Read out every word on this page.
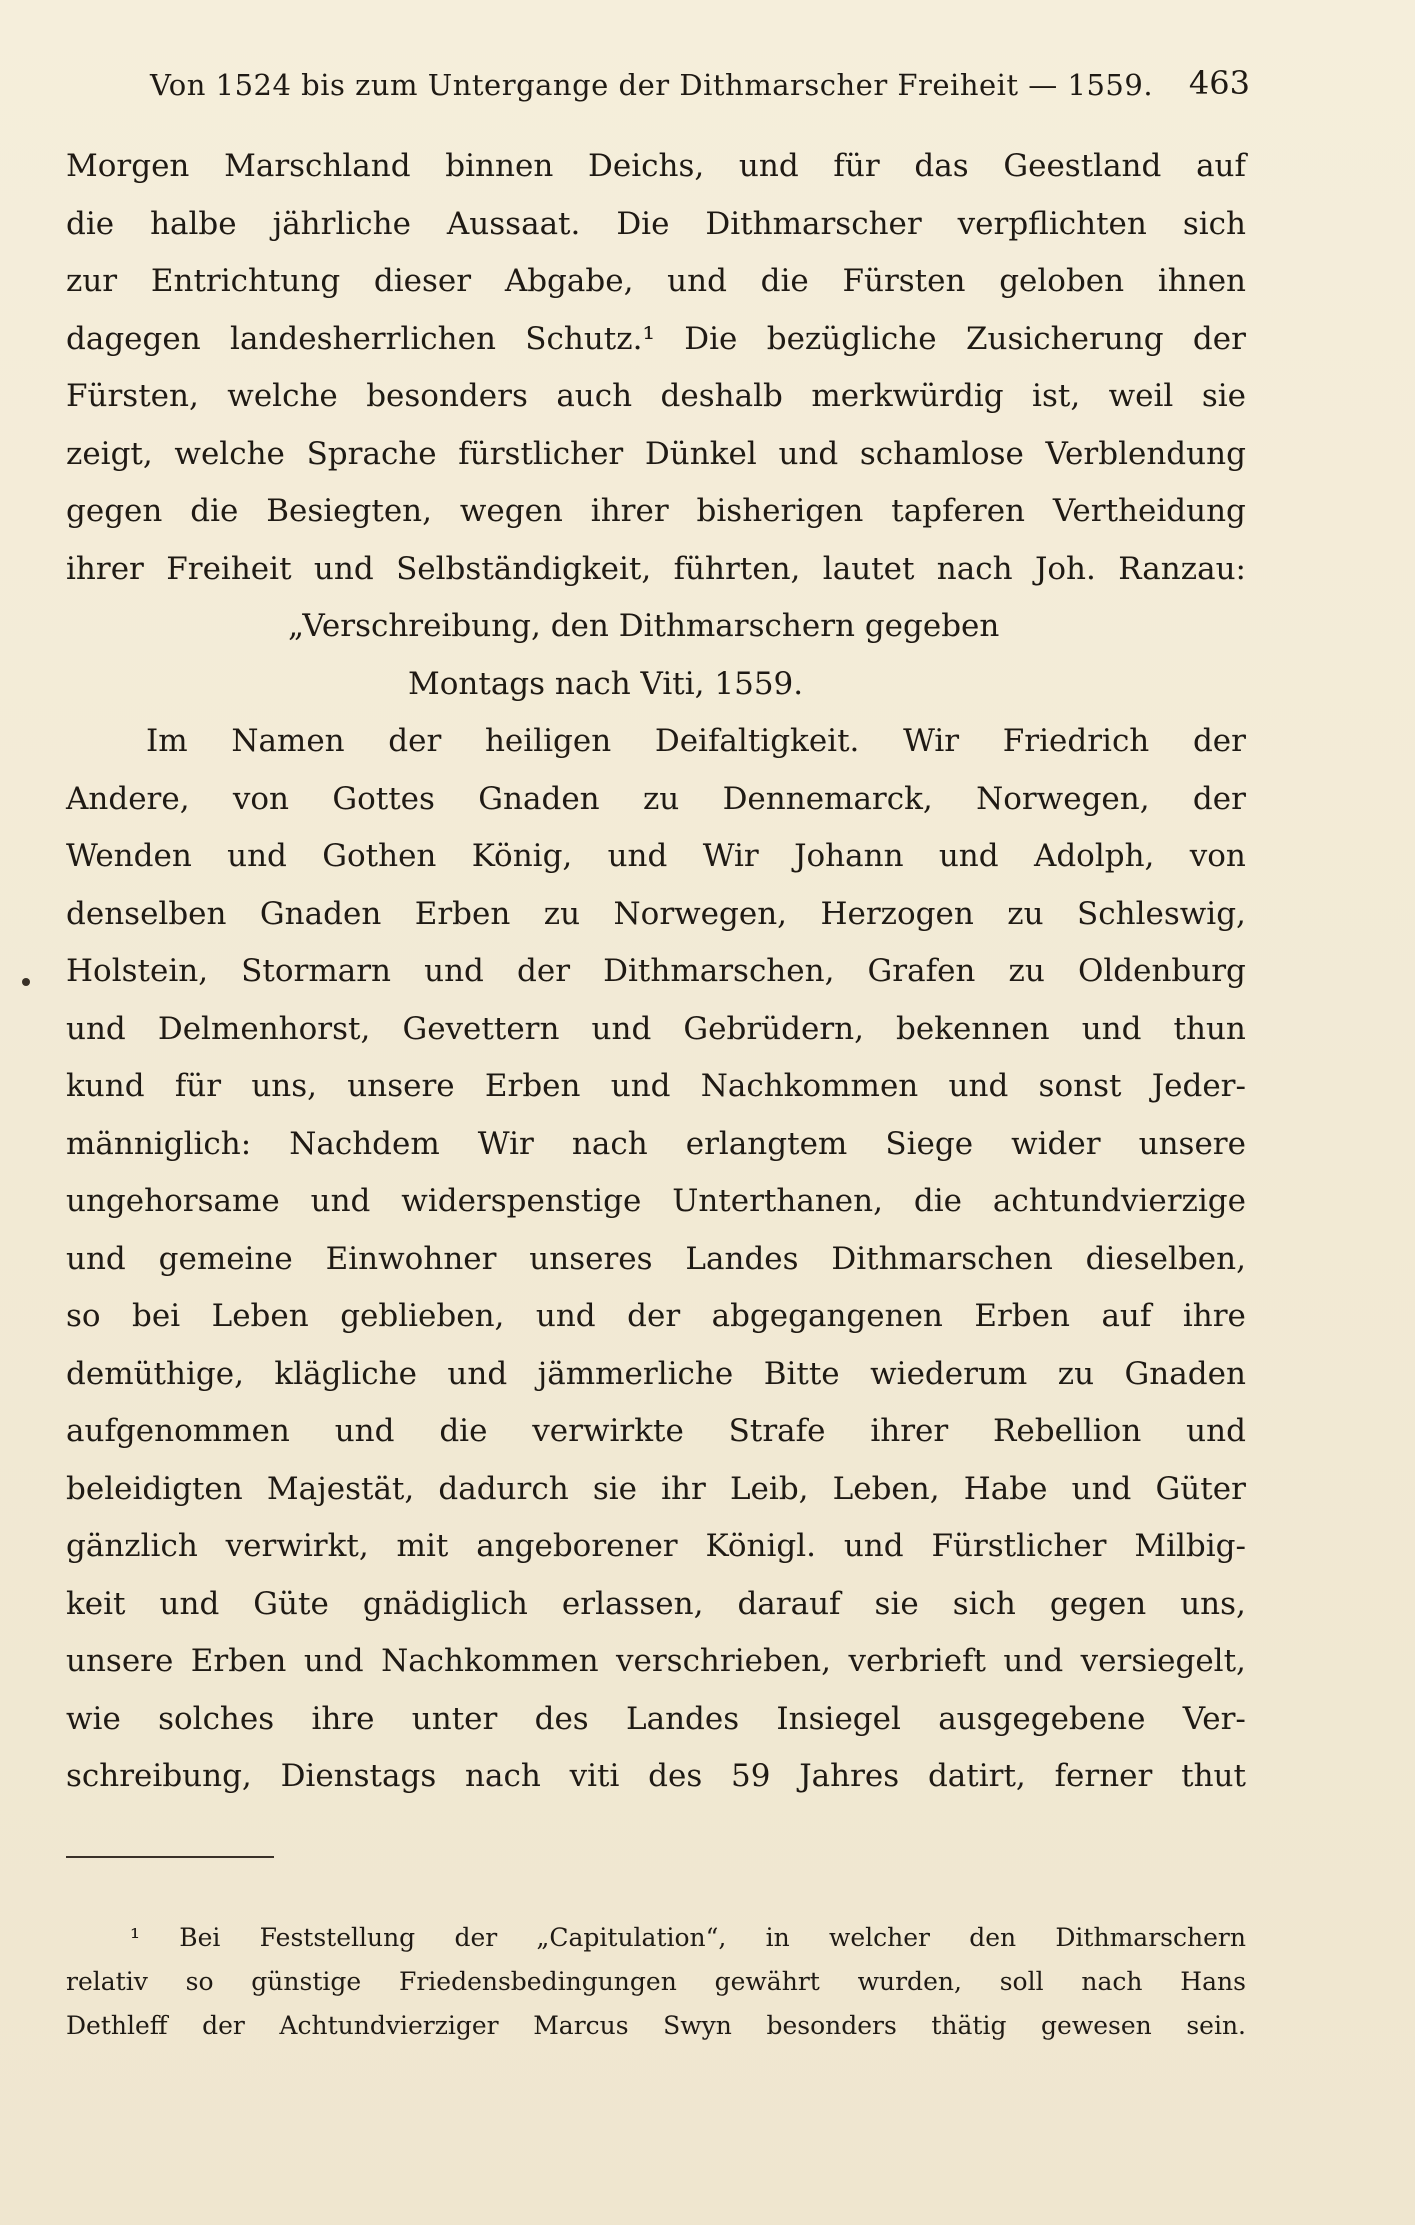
Von 1524 bis zum Untergange der Dithmarscher Freiheit — 1559. 463
Morgen Marschland binnen Deichs, und für das Geestland auf
die halbe jährliche Aussaat. Die Dithmarscher verpflichten sich
zur Entrichtung dieser Abgabe, und die Fürsten geloben ihnen
dagegen landesherrlichen Schutz.¹ Die bezügliche Zusicherung der
Fürsten, welche besonders auch deshalb merkwürdig ist, weil sie
zeigt, welche Sprache fürstlicher Dünkel und schamlose Verblendung
gegen die Besiegten, wegen ihrer bisherigen tapferen Vertheidung
ihrer Freiheit und Selbständigkeit, führten, lautet nach Joh. Ranzau:
„Verschreibung, den Dithmarschern gegeben
Montags nach Viti, 1559.
Im Namen der heiligen Deifaltigkeit. Wir Friedrich der
Andere, von Gottes Gnaden zu Dennemarck, Norwegen, der
Wenden und Gothen König, und Wir Johann und Adolph, von
denselben Gnaden Erben zu Norwegen, Herzogen zu Schleswig,
Holstein, Stormarn und der Dithmarschen, Grafen zu Oldenburg
und Delmenhorst, Gevettern und Gebrüdern, bekennen und thun
kund für uns, unsere Erben und Nachkommen und sonst Jeder-
männiglich: Nachdem Wir nach erlangtem Siege wider unsere
ungehorsame und widerspenstige Unterthanen, die achtundvierzige
und gemeine Einwohner unseres Landes Dithmarschen dieselben,
so bei Leben geblieben, und der abgegangenen Erben auf ihre
demüthige, klägliche und jämmerliche Bitte wiederum zu Gnaden
aufgenommen und die verwirkte Strafe ihrer Rebellion und
beleidigten Majestät, dadurch sie ihr Leib, Leben, Habe und Güter
gänzlich verwirkt, mit angeborener Königl. und Fürstlicher Milbig-
keit und Güte gnädiglich erlassen, darauf sie sich gegen uns,
unsere Erben und Nachkommen verschrieben, verbrieft und versiegelt,
wie solches ihre unter des Landes Insiegel ausgegebene Ver-
schreibung, Dienstags nach viti des 59 Jahres datirt, ferner thut
¹ Bei Feststellung der „Capitulation“, in welcher den Dithmarschern
relativ so günstige Friedensbedingungen gewährt wurden, soll nach Hans
Dethleff der Achtundvierziger Marcus Swyn besonders thätig gewesen sein.
